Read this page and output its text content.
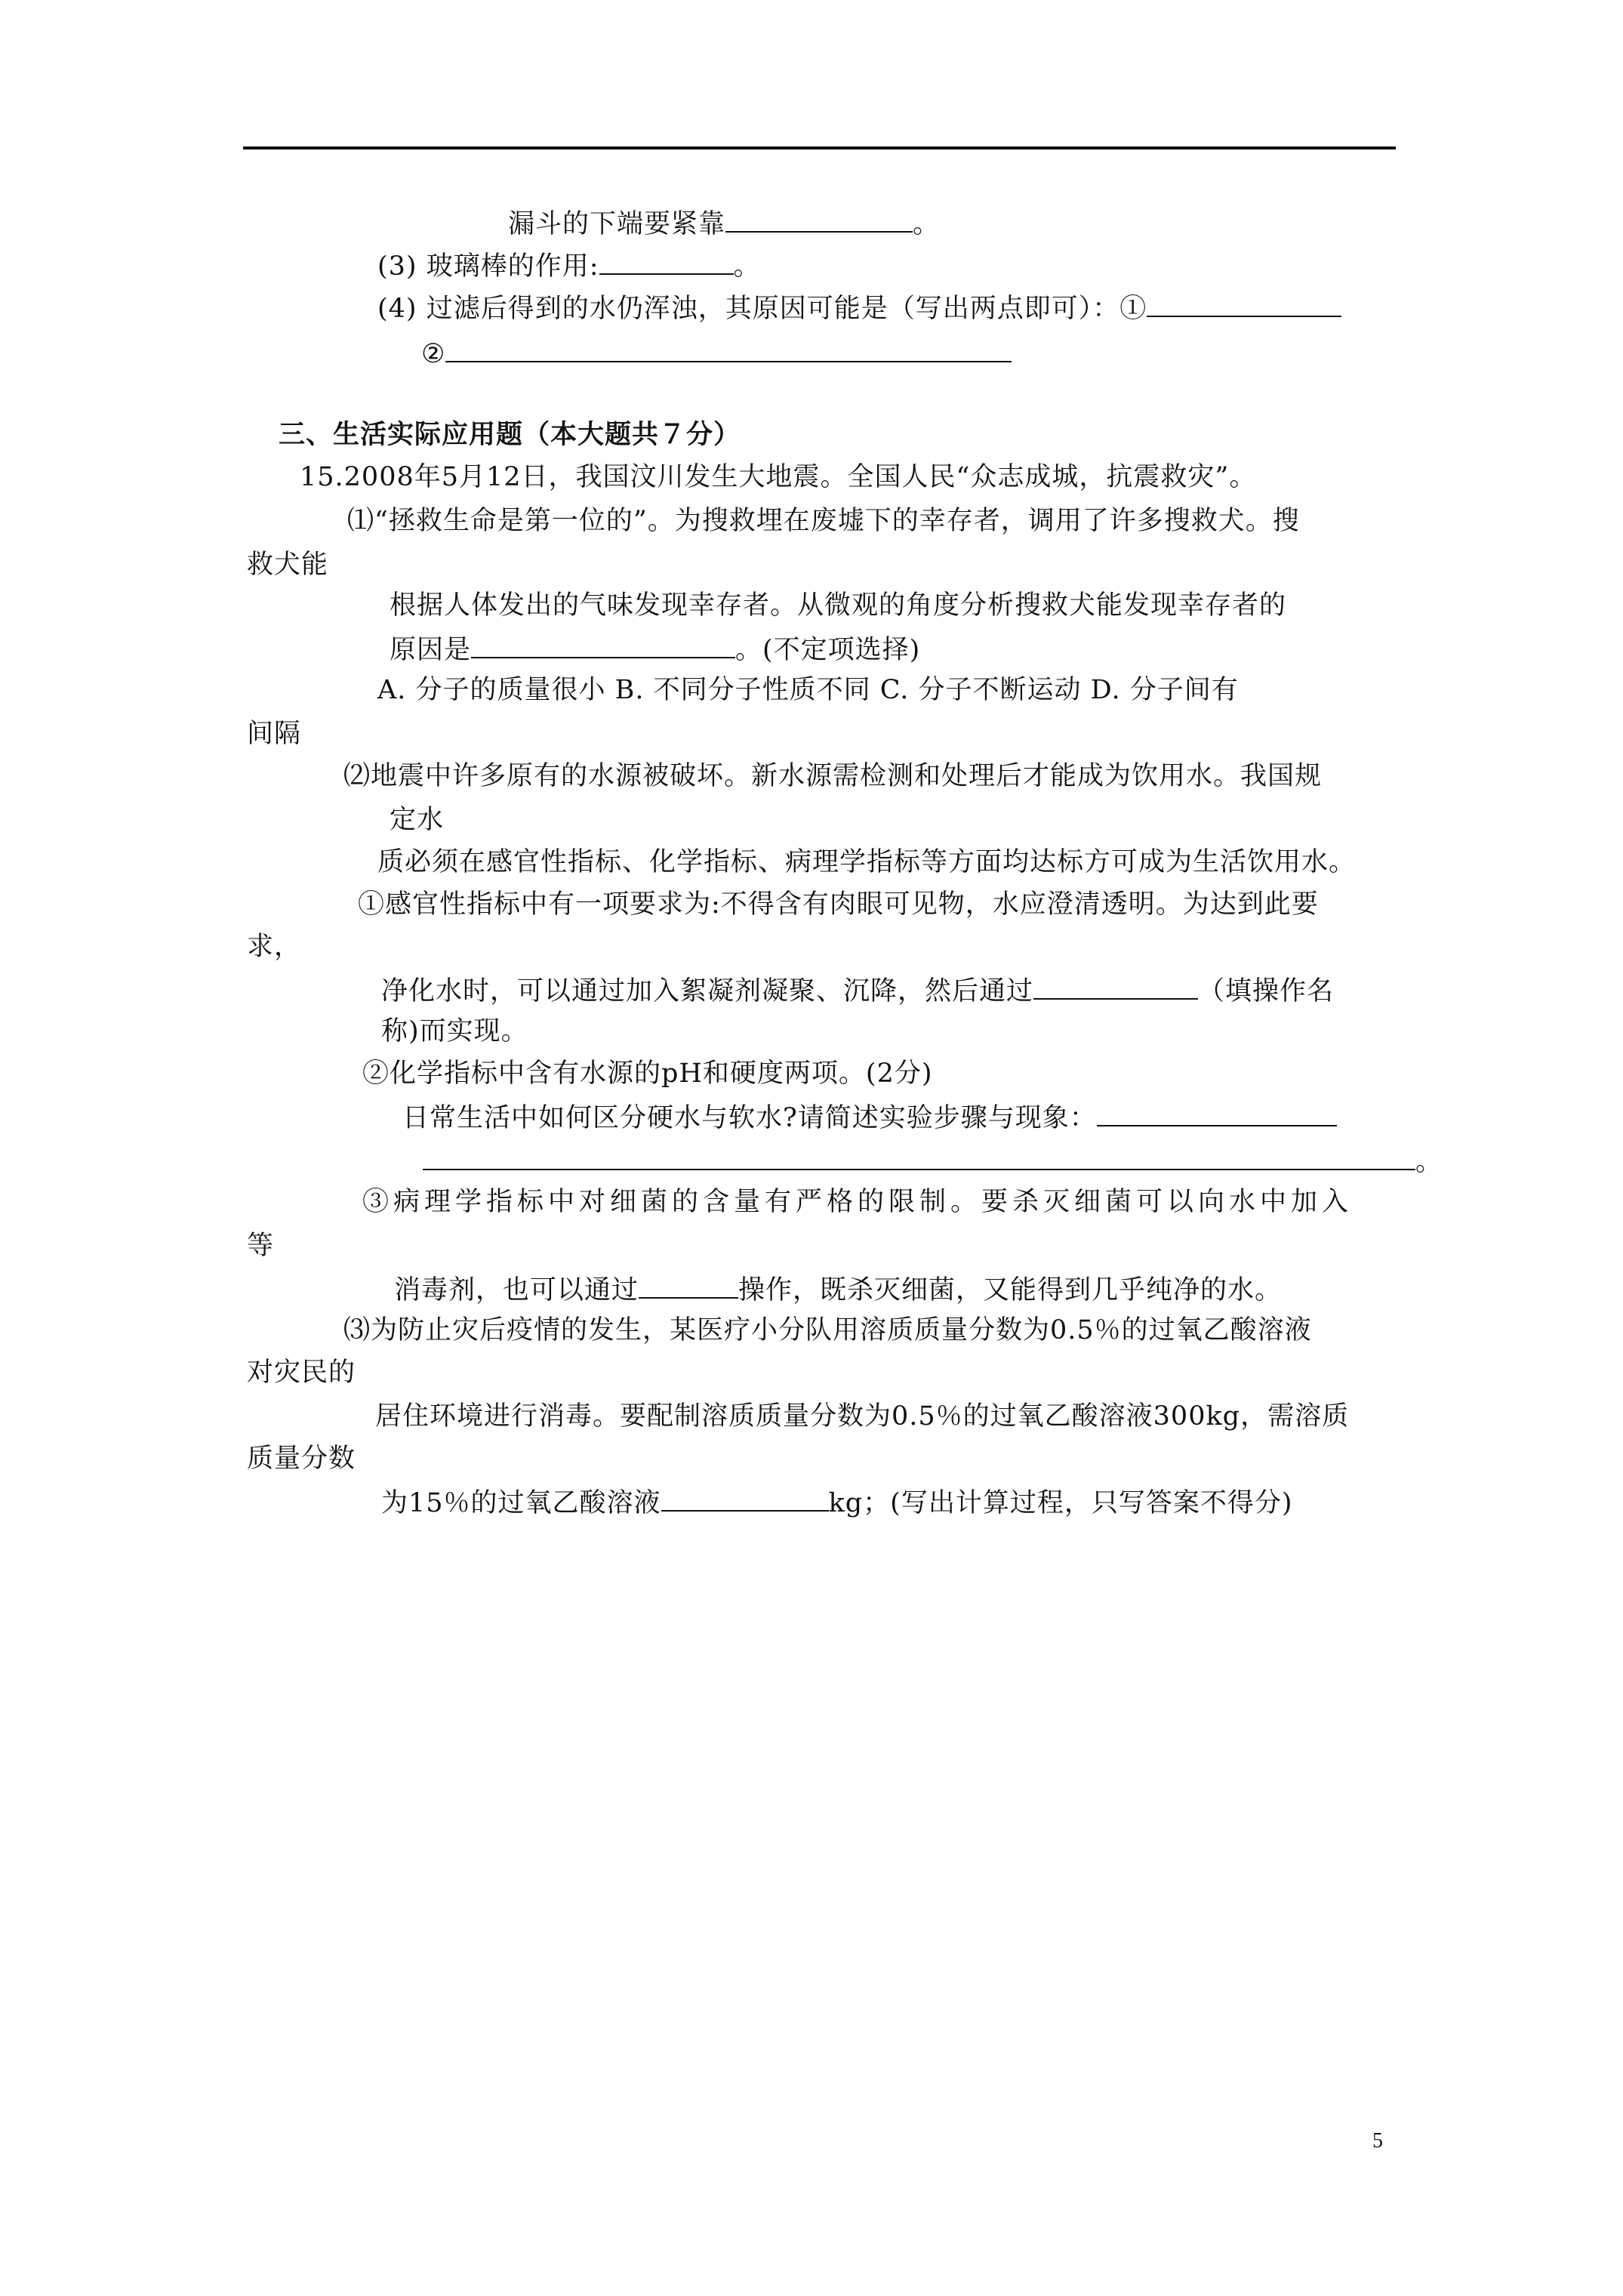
漏斗的下端要紧靠	。
(3) 玻璃棒的作用:	。
(4) 过滤后得到的水仍浑浊，其原因可能是（写出两点即可）：①
②
三、生活实际应用题（本大题共７分）
15.2008年5月12日，我国汶川发生大地震。全国人民“众志成城，抗震救灾”。
⑴“拯救生命是第一位的”。为搜救埋在废墟下的幸存者，调用了许多搜救犬。搜
救犬能
根据人体发出的气味发现幸存者。从微观的角度分析搜救犬能发现幸存者的
原因是	。(不定项选择)
A. 分子的质量很小 B. 不同分子性质不同 C. 分子不断运动 D. 分子间有
间隔
⑵地震中许多原有的水源被破坏。新水源需检测和处理后才能成为饮用水。我国规
定水
质必须在感官性指标、化学指标、病理学指标等方面均达标方可成为生活饮用水。
①感官性指标中有一项要求为:不得含有肉眼可见物，水应澄清透明。为达到此要
求，
净化水时，可以通过加入絮凝剂凝聚、沉降，然后通过	（填操作名
称)而实现。
②化学指标中含有水源的pH和硬度两项。(2分)
日常生活中如何区分硬水与软水?请简述实验步骤与现象：
。
③病理学指标中对细菌的含量有严格的限制。要杀灭细菌可以向水中加入
等
消毒剂，也可以通过	操作，既杀灭细菌，又能得到几乎纯净的水。
⑶为防止灾后疫情的发生，某医疗小分队用溶质质量分数为0.5％的过氧乙酸溶液
对灾民的
居住环境进行消毒。要配制溶质质量分数为0.5％的过氧乙酸溶液300kg，需溶质
质量分数
为15％的过氧乙酸溶液	kg；(写出计算过程，只写答案不得分)
5
